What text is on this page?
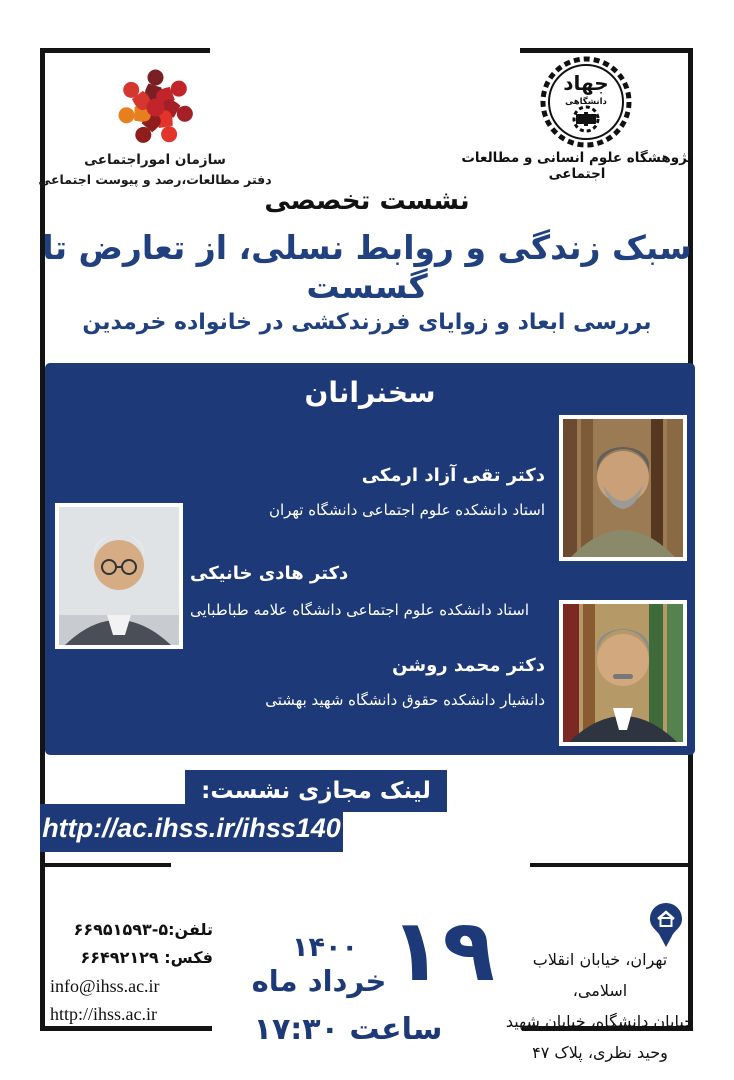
سازمان اموراجتماعی
دفتر مطالعات،رصد و پیوست اجتماعی
جهاد
دانشگاهی
پژوهشگاه علوم انسانی و مطالعات اجتماعی
نشست تخصصی
سبک زندگی و روابط نسلی، از تعارض تا گسست
بررسی ابعاد و زوایای فرزندکشی در خانواده خرمدین
سخنرانان
دکتر تقی آزاد ارمکی
استاد دانشکده علوم اجتماعی دانشگاه تهران
دکتر هادی خانیکی
استاد دانشکده علوم اجتماعی دانشگاه علامه طباطبایی
دکتر محمد روشن
دانشیار دانشکده حقوق دانشگاه شهید بهشتی
لینک مجازی نشست:
http://ac.ihss.ir/ihss140
تلفن:۵-۶۶۹۵۱۵۹۳
فکس: ۶۶۴۹۲۱۲۹
info@ihss.ac.ir
http://ihss.ac.ir
۱۹
۱۴۰۰
خرداد ماه
ساعت ۱۷:۳۰
تهران، خیابان انقلاب اسلامی،
خیابان دانشگاه، خیابان شهید
وحید نظری، پلاک ۴۷
